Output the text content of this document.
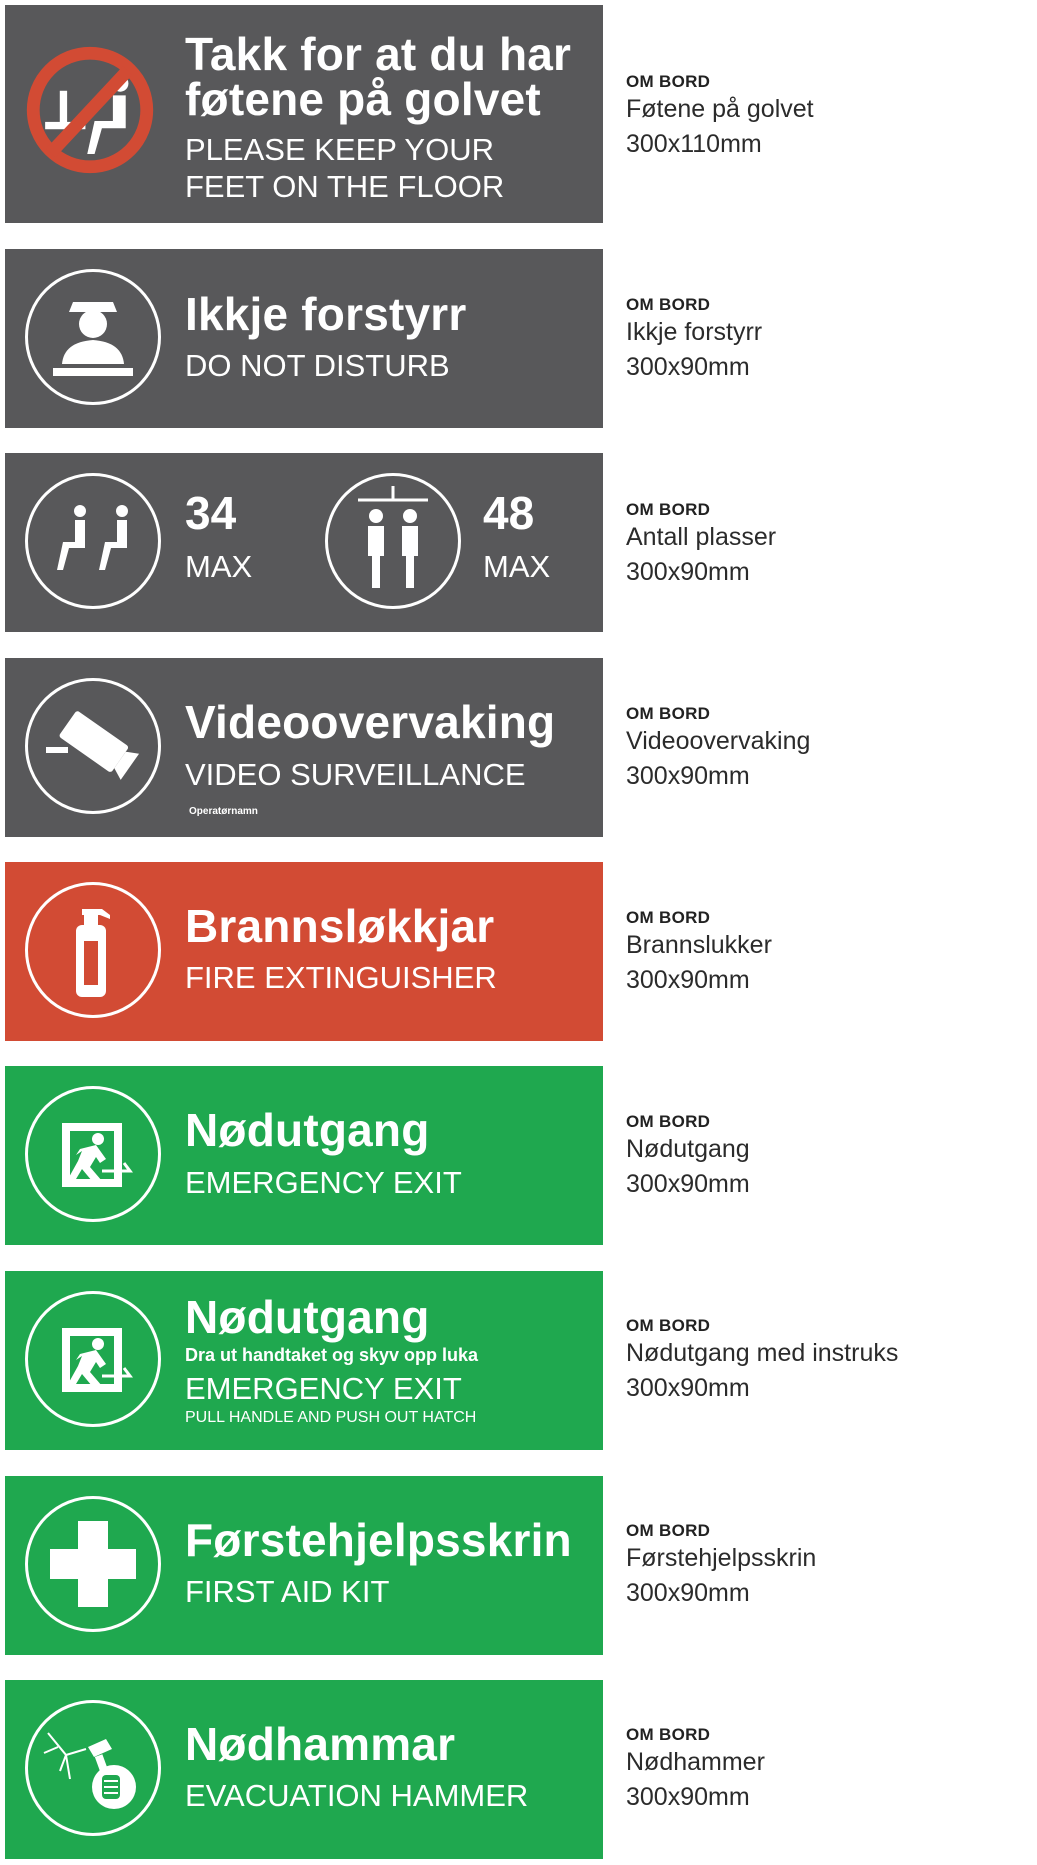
Takk for at du har
føtene på golvet
PLEASE KEEP YOUR
FEET ON THE FLOOR
OM BORD
Føtene på golvet
300x110mm
Ikkje forstyrr
DO NOT DISTURB
OM BORD
Ikkje forstyrr
300x90mm
34
MAX
48
MAX
OM BORD
Antall plasser
300x90mm
Videoovervaking
VIDEO SURVEILLANCE
Operatørnamn
OM BORD
Videoovervaking
300x90mm
Brannsløkkjar
FIRE EXTINGUISHER
OM BORD
Brannslukker
300x90mm
Nødutgang
EMERGENCY EXIT
OM BORD
Nødutgang
300x90mm
Nødutgang
Dra ut handtaket og skyv opp luka
EMERGENCY EXIT
PULL HANDLE AND PUSH OUT HATCH
OM BORD
Nødutgang med instruks
300x90mm
Førstehjelpsskrin
FIRST AID KIT
OM BORD
Førstehjelpsskrin
300x90mm
Nødhammar
EVACUATION HAMMER
OM BORD
Nødhammer
300x90mm
